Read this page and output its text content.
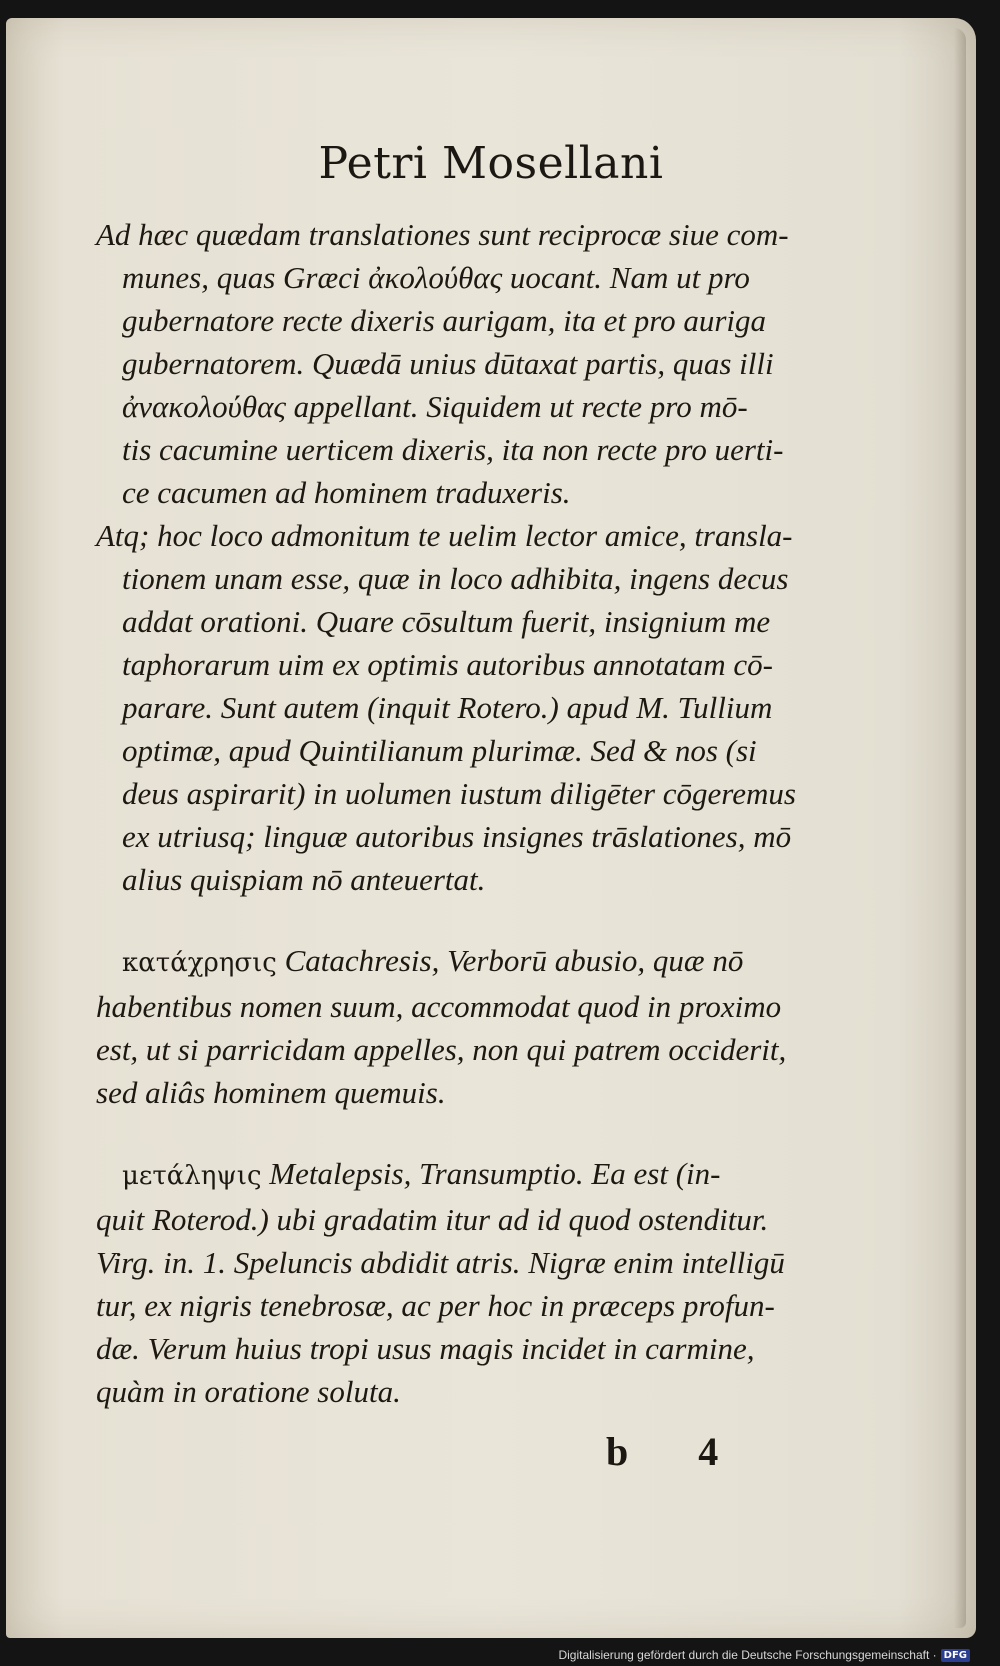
Petri Mosellani

Ad hæc quædam translationes sunt reciprocæ siue com-
munes, quas Græci ἀκολούθας uocant. Nam ut pro
gubernatore recte dixeris aurigam, ita et pro auriga
gubernatorem. Quædā unius dūtaxat partis, quas illi
ἀνακολούθας appellant. Siquidem ut recte pro mō-
tis cacumine uerticem dixeris, ita non recte pro uerti-
ce cacumen ad hominem traduxeris.

Atq; hoc loco admonitum te uelim lector amice, transla-
tionem unam esse, quæ in loco adhibita, ingens decus
addat orationi. Quare cōsultum fuerit, insignium me
taphorarum uim ex optimis autoribus annotatam cō-
parare. Sunt autem (inquit Rotero.) apud M. Tullium
optimæ, apud Quintilianum plurimæ. Sed & nos (si
deus aspirarit) in uolumen iustum diligēter cōgeremus
ex utriusq; linguæ autoribus insignes trāslationes, mō
alius quispiam nō anteuertat.

κατάχρησις Catachresis, Verborū abusio, quæ nō
habentibus nomen suum, accommodat quod in proximo
est, ut si parricidam appelles, non qui patrem occiderit,
sed aliâs hominem quemuis.

μετάληψις Metalepsis, Transumptio. Ea est (in-
quit Roterod.) ubi gradatim itur ad id quod ostenditur.
Virg. in. 1. Speluncis abdidit atris. Nigræ enim intelligū
tur, ex nigris tenebrosæ, ac per hoc in præceps profun-
dæ. Verum huius tropi usus magis incidet in carmine,
quàm in oratione soluta.

b 4
Digitalisierung gefördert durch die Deutsche Forschungsgemeinschaft · DFG
